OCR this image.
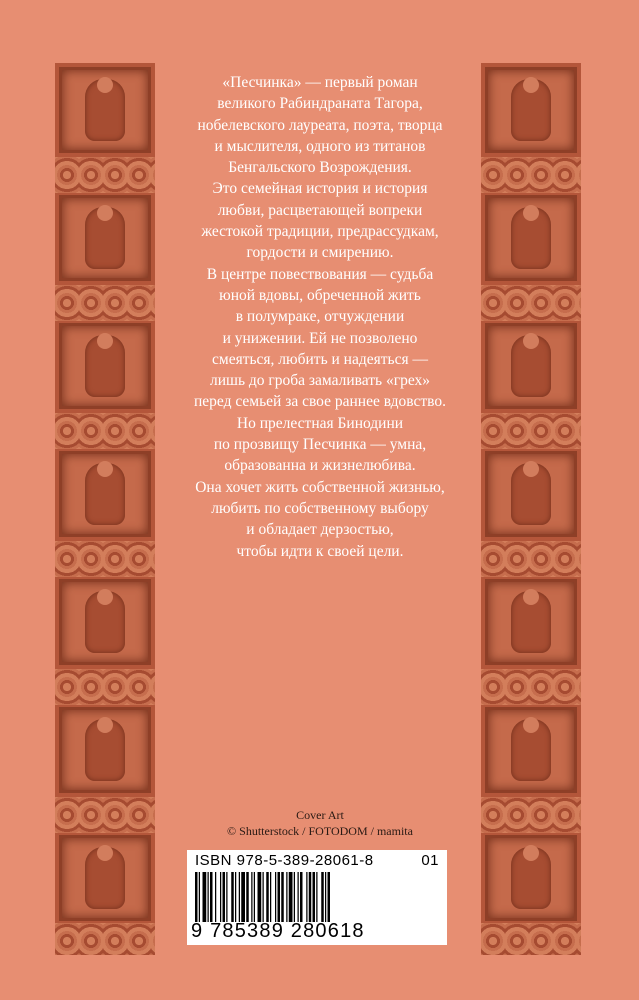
«Песчинка» — первый роман

великого Рабиндраната Тагора,

нобелевского лауреата, поэта, творца

и мыслителя, одного из титанов

Бенгальского Возрождения.

Это семейная история и история

любви, расцветающей вопреки

жестокой традиции, предрассудкам,

гордости и смирению.

В центре повествования — судьба

юной вдовы, обреченной жить

в полумраке, отчуждении

и унижении. Ей не позволено

смеяться, любить и надеяться —

лишь до гроба замаливать «грех»

перед семьей за свое раннее вдовство.

Но прелестная Бинодини

по прозвищу Песчинка — умна,

образованна и жизнелюбива.

Она хочет жить собственной жизнью,

любить по собственному выбору

и обладает дерзостью,

чтобы идти к своей цели.

Cover Art
© Shutterstock / FOTODOM / mamita
ISBN 978-5-389-28061-8	01
9 785389 280618
